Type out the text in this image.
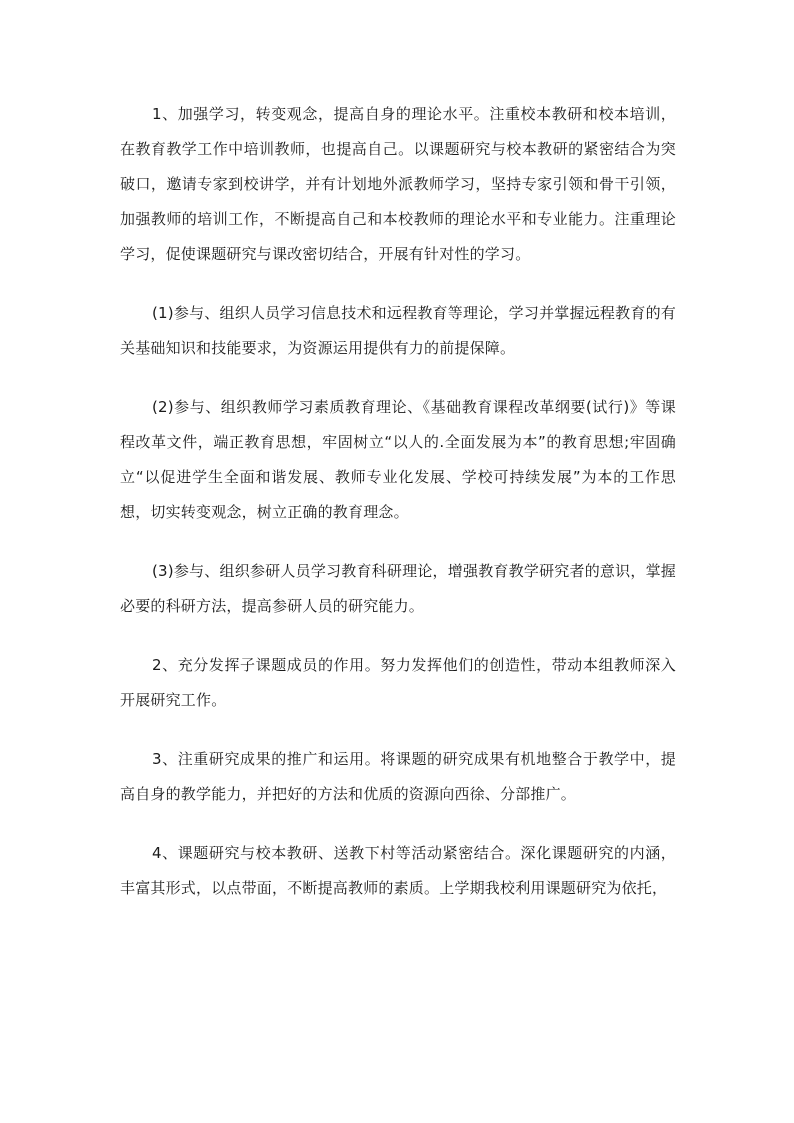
1、加强学习，转变观念，提高自身的理论水平。注重校本教研和校本培训，在教育教学工作中培训教师，也提高自己。以课题研究与校本教研的紧密结合为突破口，邀请专家到校讲学，并有计划地外派教师学习，坚持专家引领和骨干引领，加强教师的培训工作，不断提高自己和本校教师的理论水平和专业能力。注重理论学习，促使课题研究与课改密切结合，开展有针对性的学习。

(1)参与、组织人员学习信息技术和远程教育等理论，学习并掌握远程教育的有关基础知识和技能要求，为资源运用提供有力的前提保障。

(2)参与、组织教师学习素质教育理论、《基础教育课程改革纲要(试行)》等课程改革文件，端正教育思想，牢固树立“以人的.全面发展为本”的教育思想;牢固确立“以促进学生全面和谐发展、教师专业化发展、学校可持续发展”为本的工作思想，切实转变观念，树立正确的教育理念。

(3)参与、组织参研人员学习教育科研理论，增强教育教学研究者的意识，掌握必要的科研方法，提高参研人员的研究能力。

2、充分发挥子课题成员的作用。努力发挥他们的创造性，带动本组教师深入开展研究工作。

3、注重研究成果的推广和运用。将课题的研究成果有机地整合于教学中，提高自身的教学能力，并把好的方法和优质的资源向西徐、分部推广。

4、课题研究与校本教研、送教下村等活动紧密结合。深化课题研究的内涵，丰富其形式，以点带面，不断提高教师的素质。上学期我校利用课题研究为依托，
